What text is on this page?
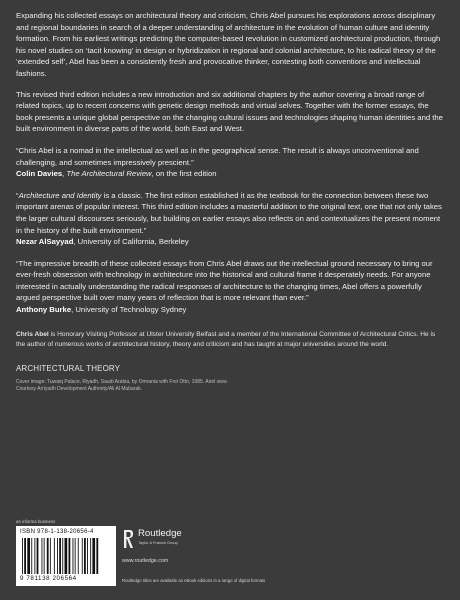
Expanding his collected essays on architectural theory and criticism, Chris Abel pursues his explorations across disciplinary and regional boundaries in search of a deeper understanding of architecture in the evolution of human culture and identity formation. From his earliest writings predicting the computer-based revolution in customized architectural production, through his novel studies on ‘tacit knowing’ in design or hybridization in regional and colonial architecture, to his radical theory of the ‘extended self’, Abel has been a consistently fresh and provocative thinker, contesting both conventions and intellectual fashions.

This revised third edition includes a new introduction and six additional chapters by the author covering a broad range of related topics, up to recent concerns with genetic design methods and virtual selves. Together with the former essays, the book presents a unique global perspective on the changing cultural issues and technologies shaping human identities and the built environment in diverse parts of the world, both East and West.

“Chris Abel is a nomad in the intellectual as well as in the geographical sense. The result is always unconventional and challenging, and sometimes impressively prescient.”

Colin Davies, The Architectural Review, on the first edition

“Architecture and Identity is a classic. The first edition established it as the textbook for the connection between these two important arenas of popular interest. This third edition includes a masterful addition to the original text, one that not only takes the larger cultural discourses seriously, but building on earlier essays also reflects on and contextualizes the present moment in the history of the built environment.”

Nezar AlSayyad, University of California, Berkeley

“The impressive breadth of these collected essays from Chris Abel draws out the intellectual ground necessary to bring our ever-fresh obsession with technology in architecture into the historical and cultural frame it desperately needs. For anyone interested in actually understanding the radical responses of architecture to the changing times, Abel offers a powerfully argued perspective built over many years of reflection that is more relevant than ever.”

Anthony Burke, University of Technology Sydney

Chris Abel is Honorary Visiting Professor at Ulster University Belfast and a member of the International Committee of Architectural Critics. He is the author of numerous works of architectural history, theory and criticism and has taught at major universities around the world.

ARCHITECTURAL THEORY

Cover image: Tuwaiq Palace, Riyadh, Saudi Arabia, by Omrania with Frei Otto, 1985. Ariel view.
Courtesy Arriyadh Development Authority/Ali Al Mubarak.
an informa business
ISBN 978-1-138-20656-4
9 781138 206564
Routledge
Taylor & Francis Group
www.routledge.com
Routledge titles are available as eBook editions in a range of digital formats
